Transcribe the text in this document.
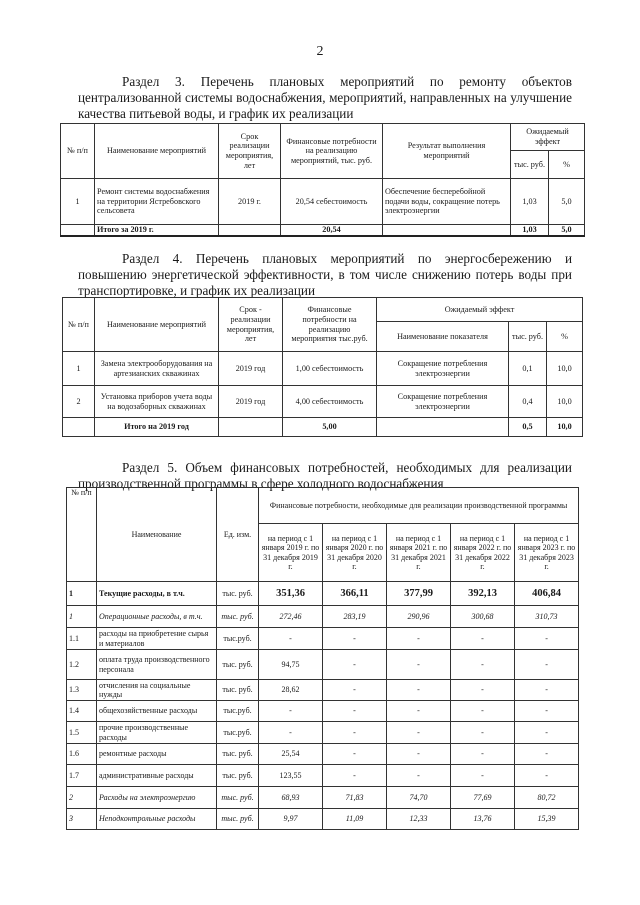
2
Раздел 3. Перечень плановых мероприятий по ремонту объектов централизованной системы водоснабжения, мероприятий, направленных на улучшение качества питьевой воды, и график их реализации
№ п/п	Наименование мероприятий	Срок реализации мероприятия, лет	Финансовые потребности на реализацию мероприятий, тыс. руб.	Результат выполнения мероприятий	Ожидаемый эффект	
					тыс. руб.	%
1	Ремонт системы водоснабжения на территории Ястребовского сельсовета	2019 г.	20,54 себестоимость	Обеспечение бесперебойной подачи воды, сокращение потерь электроэнергии	1,03	5,0
	Итого за 2019 г.		20,54		1,03	5,0
Раздел 4. Перечень плановых мероприятий по энергосбережению и повышению энергетической эффективности, в том числе снижению потерь воды при транспортировке, и график их реализации
№ п/п	Наименование мероприятий	Срок - реализации мероприятия, лет	Финансовые потребности на реализацию мероприятия тыс.руб.	Ожидаемый эффект		
				Наименование показателя	тыс. руб.	%
1	Замена электрооборудования на артезианских скважинах	2019 год	1,00 себестоимость	Сокращение потребления электроэнергии	0,1	10,0
2	Установка приборов учета воды на водозаборных скважинах	2019 год	4,00 себестоимость	Сокращение потребления электроэнергии	0,4	10,0
	Итого на 2019 год		5,00		0,5	10,0
Раздел 5. Объем финансовых потребностей, необходимых для реализации производственной программы в сфере холодного водоснабжения
№ п/п	Наименование	Ед. изм.	Финансовые потребности, необходимые для реализации производственной программы				
			на период с 1 января 2019 г. по 31 декабря 2019 г.	на период с 1 января 2020 г. по 31 декабря 2020 г.	на период с 1 января 2021 г. по 31 декабря 2021 г.	на период с 1 января 2022 г. по 31 декабря 2022 г.	на период с 1 января 2023 г. по 31 декабря 2023 г.
1	Текущие расходы, в т.ч.	тыс. руб.	351,36	366,11	377,99	392,13	406,84
1	Операционные расходы, в т.ч.	тыс. руб.	272,46	283,19	290,96	300,68	310,73
1.1	расходы на приобретение сырья и материалов	тыс.руб.	-	-	-	-	-
1.2	оплата труда производственного персонала	тыс. руб.	94,75	-	-	-	-
1.3	отчисления на социальные нужды	тыс. руб.	28,62	-	-	-	-
1.4	общехозяйственные расходы	тыс.руб.	-	-	-	-	-
1.5	прочие производственные расходы	тыс.руб.	-	-	-	-	-
1.6	ремонтные расходы	тыс. руб.	25,54	-	-	-	-
1.7	административные расходы	тыс. руб.	123,55	-	-	-	-
2	Расходы на электроэнергию	тыс. руб.	68,93	71,83	74,70	77,69	80,72
3	Неподконтрольные расходы	тыс. руб.	9,97	11,09	12,33	13,76	15,39
